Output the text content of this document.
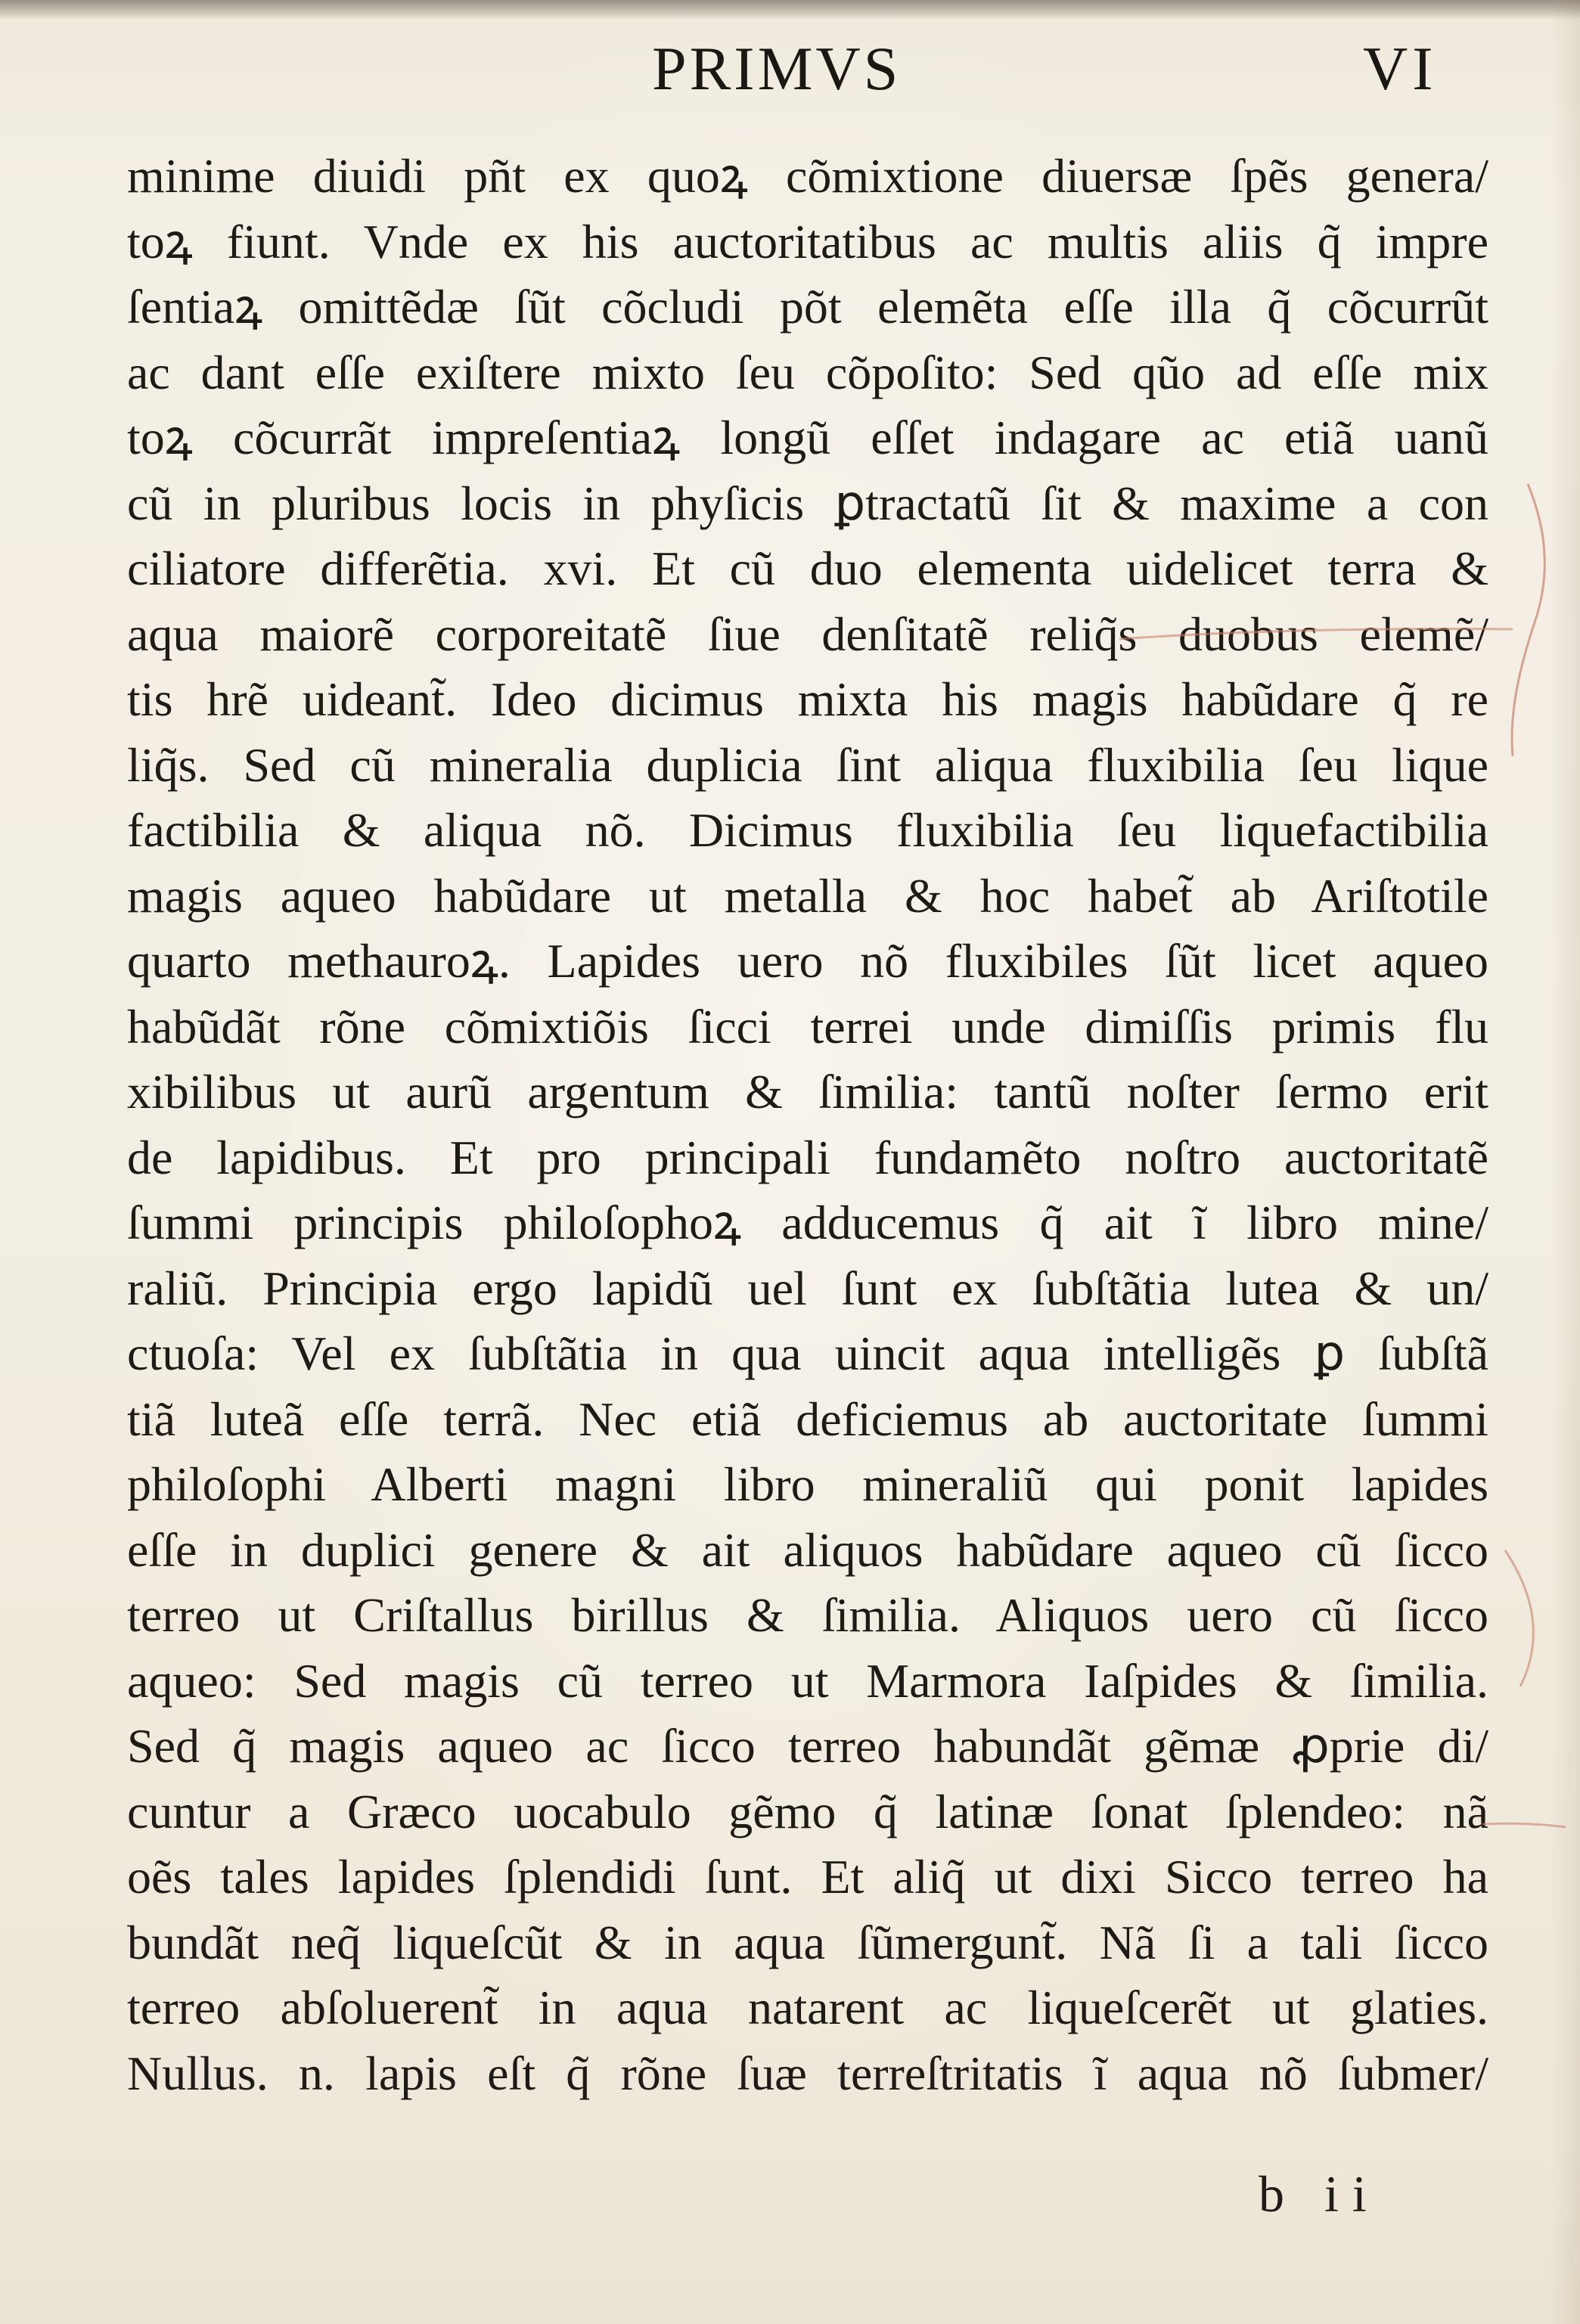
PRIMVS	VI
minime diuidi pñt ex quoꝝ cõmixtione diuersæ ſpẽs genera/
toꝝ fiunt. Vnde ex his auctoritatibus ac multis aliis q̃ impre
ſentiaꝝ omittẽdæ ſũt cõcludi põt elemẽta eſſe illa q̃ cõcurrũt
ac dant eſſe exiſtere mixto ſeu cõpoſito: Sed qũo ad eſſe mix
toꝝ cõcurrãt impreſentiaꝝ longũ eſſet indagare ac etiã uanũ
cũ in pluribus locis in phyſicis ꝑtractatũ ſit & maxime a con
ciliatore differẽtia. xvi. Et cũ duo elementa uidelicet terra &
aqua maiorẽ corporeitatẽ ſiue denſitatẽ reliq̃s duobus elemẽ/
tis hrẽ uideant̃. Ideo dicimus mixta his magis habũdare q̃ re
liq̃s. Sed cũ mineralia duplicia ſint aliqua fluxibilia ſeu lique
factibilia & aliqua nõ. Dicimus fluxibilia ſeu liquefactibilia
magis aqueo habũdare ut metalla & hoc habet̃ ab Ariſtotile
quarto methauroꝝ. Lapides uero nõ fluxibiles ſũt licet aqueo
habũdãt rõne cõmixtiõis ſicci terrei unde dimiſſis primis flu
xibilibus ut aurũ argentum & ſimilia: tantũ noſter ſermo erit
de lapidibus. Et pro principali fundamẽto noſtro auctoritatẽ
ſummi principis philoſophoꝝ adducemus q̃ ait ĩ libro mine/
raliũ. Principia ergo lapidũ uel ſunt ex ſubſtãtia lutea & un/
ctuoſa: Vel ex ſubſtãtia in qua uincit aqua intelligẽs ꝑ ſubſtã
tiã luteã eſſe terrã. Nec etiã deficiemus ab auctoritate ſummi
philoſophi Alberti magni libro mineraliũ qui ponit lapides
eſſe in duplici genere & ait aliquos habũdare aqueo cũ ſicco
terreo ut Criſtallus birillus & ſimilia. Aliquos uero cũ ſicco
aqueo: Sed magis cũ terreo ut Marmora Iaſpides & ſimilia.
Sed q̃ magis aqueo ac ſicco terreo habundãt gẽmæ ꝓprie di/
cuntur a Græco uocabulo gẽmo q̃ latinæ ſonat ſplendeo: nã
oẽs tales lapides ſplendidi ſunt. Et aliq̃ ut dixi Sicco terreo ha
bundãt neq̃ liqueſcũt & in aqua ſũmergunt̃. Nã ſi a tali ſicco
terreo abſoluerent̃ in aqua natarent ac liqueſcerẽt ut glaties.
Nullus. n. lapis eſt q̃ rõne ſuæ terreſtritatis ĩ aqua nõ ſubmer/
b ii
